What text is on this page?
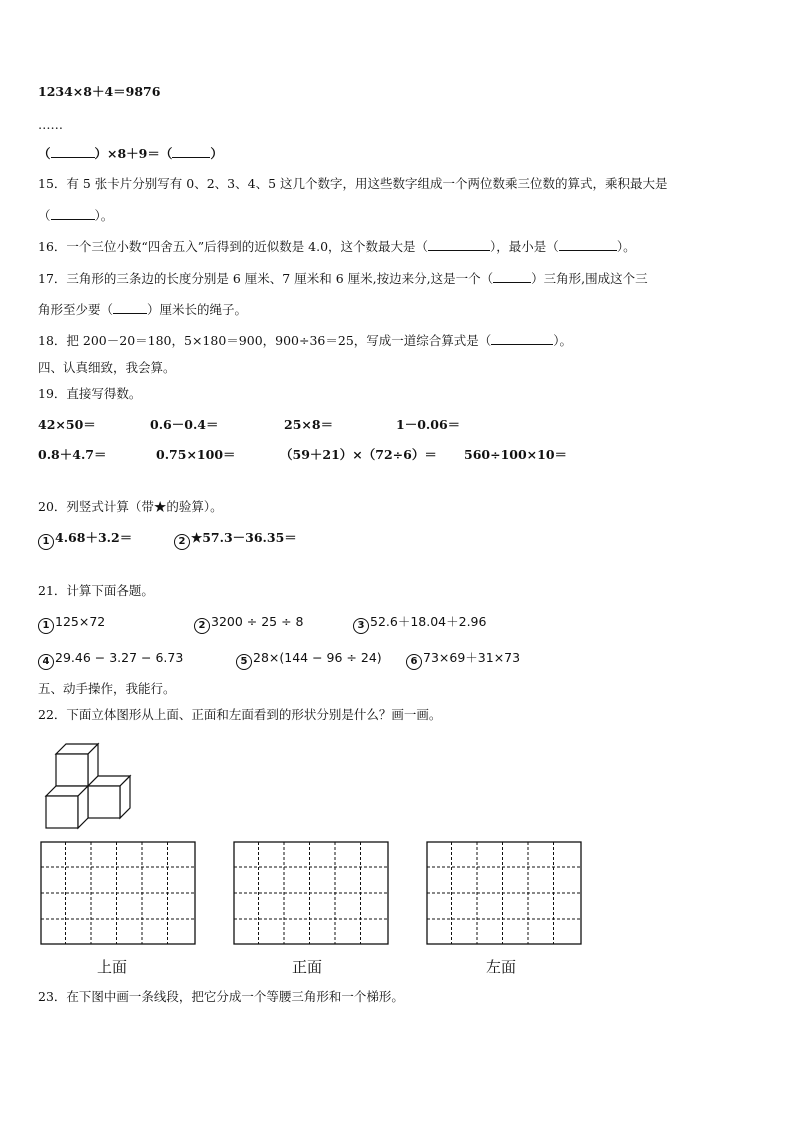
1234×8＋4＝9876
……
（	）×8＋9＝（	）
15．有 5 张卡片分别写有 0、2、3、4、5 这几个数字，用这些数字组成一个两位数乘三位数的算式，乘积最大是
（	）。
16．一个三位小数“四舍五入”后得到的近似数是 4.0，这个数最大是（	），最小是（	）。
17．三角形的三条边的长度分别是 6 厘米、7 厘米和 6 厘米,按边来分,这是一个（	）三角形,围成这个三
角形至少要（	）厘米长的绳子。
18．把 200－20＝180，5×180＝900，900÷36＝25，写成一道综合算式是（	）。
四、认真细致，我会算。
19．直接写得数。
42×50＝	0.6－0.4＝	25×8＝	1－0.06＝
0.8＋4.7＝	0.75×100＝	（59＋21）×（72÷6）＝ 560÷100×10＝
20．列竖式计算（带★的验算）。
1 4.68＋3.2＝	2 ★57.3－36.35＝
21．计算下面各题。
1 125×72	2 3200 ÷ 25 ÷ 8	3 52.6＋18.04＋2.96
4 29.46 − 3.27 − 6.73	5 28×(144 − 96 ÷ 24)	6 73×69＋31×73
五、动手操作，我能行。
22．下面立体图形从上面、正面和左面看到的形状分别是什么？画一画。
上面	正面	左面
23．在下图中画一条线段，把它分成一个等腰三角形和一个梯形。
